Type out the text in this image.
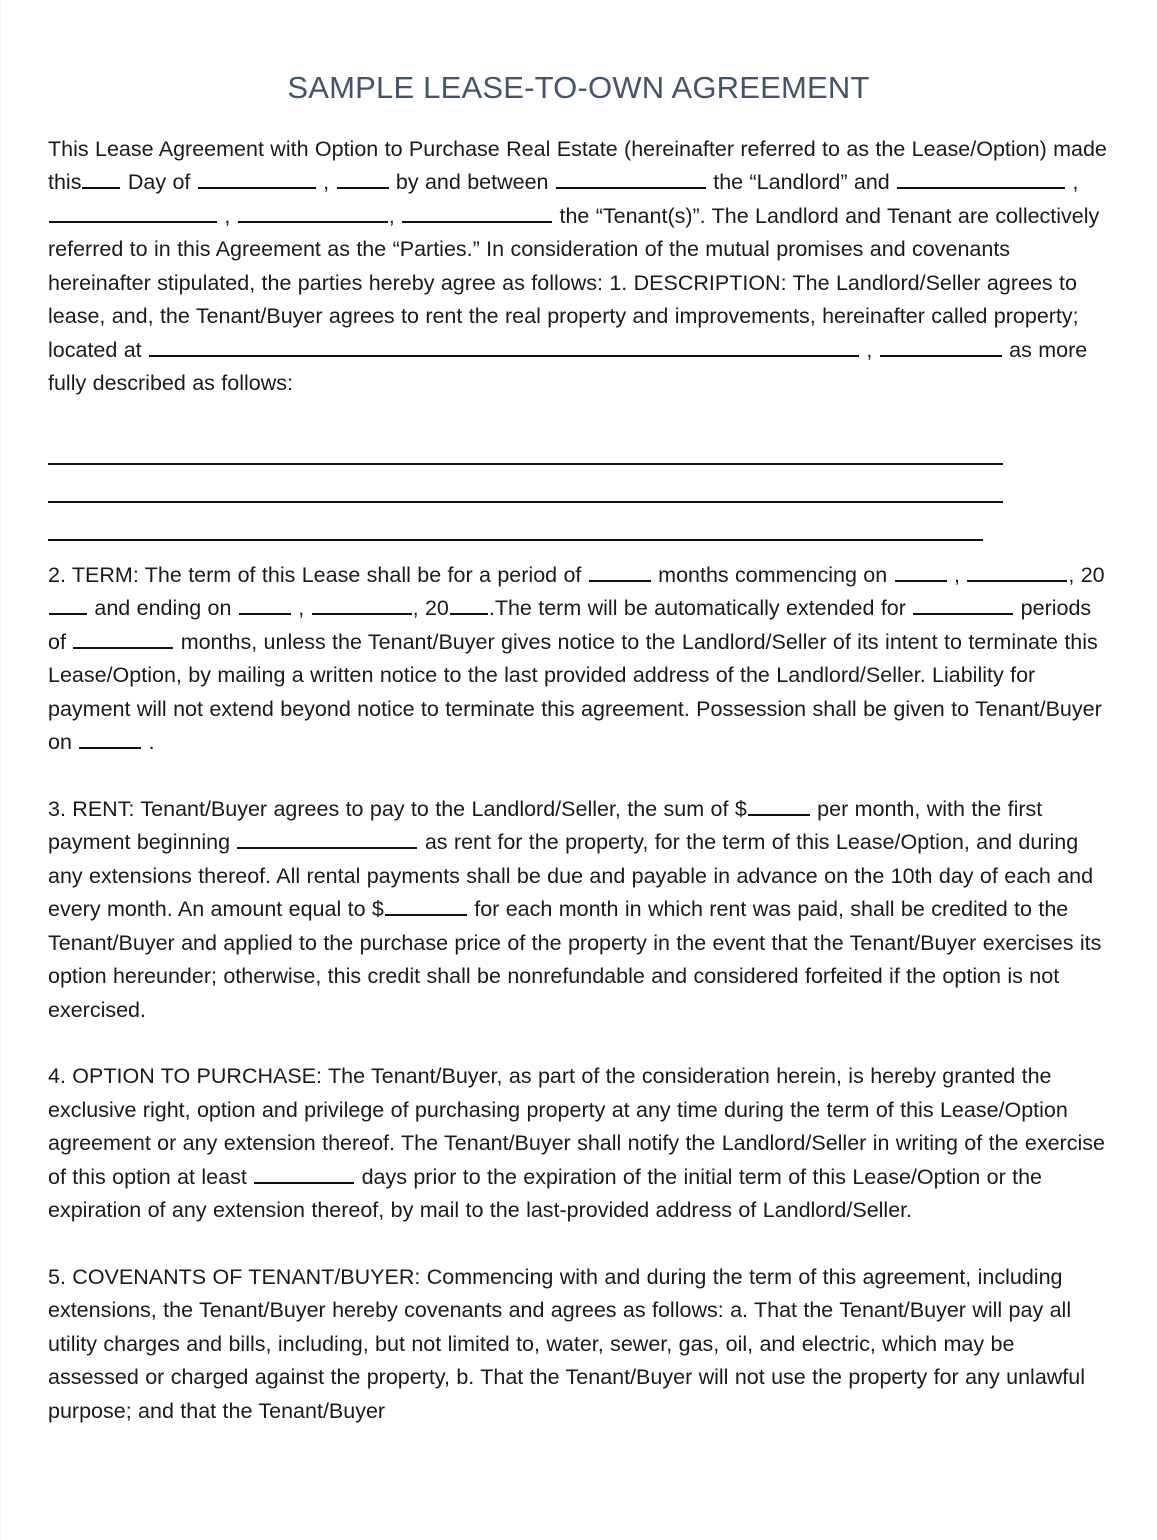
SAMPLE LEASE-TO-OWN AGREEMENT

This Lease Agreement with Option to Purchase Real Estate (hereinafter referred to as the Lease/Option) made this Day of	,	by and between	the “Landlord” and	,  ,	,	the “Tenant(s)”. The Landlord and Tenant are collectively referred to in this Agreement as the “Parties.” In consideration of the mutual promises and covenants hereinafter stipulated, the parties hereby agree as follows: 1. DESCRIPTION: The Landlord/Seller agrees to lease, and, the Tenant/Buyer agrees to rent the real property and improvements, hereinafter called property; located at	,	as more fully described as follows:

2. TERM: The term of this Lease shall be for a period of	months commencing on	,	, 20 and ending on	,	, 20 .The term will be automatically extended for	periods of	months, unless the Tenant/Buyer gives notice to the Landlord/Seller of its intent to terminate this Lease/Option, by mailing a written notice to the last provided address of the Landlord/Seller. Liability for payment will not extend beyond notice to terminate this agreement. Possession shall be given to Tenant/Buyer on	.

3. RENT: Tenant/Buyer agrees to pay to the Landlord/Seller, the sum of $	per month, with the first payment beginning	as rent for the property, for the term of this Lease/Option, and during any extensions thereof. All rental payments shall be due and payable in advance on the 10th day of each and every month. An amount equal to $	for each month in which rent was paid, shall be credited to the Tenant/Buyer and applied to the purchase price of the property in the event that the Tenant/Buyer exercises its option hereunder; otherwise, this credit shall be nonrefundable and considered forfeited if the option is not exercised.

4. OPTION TO PURCHASE: The Tenant/Buyer, as part of the consideration herein, is hereby granted the exclusive right, option and privilege of purchasing property at any time during the term of this Lease/Option agreement or any extension thereof. The Tenant/Buyer shall notify the Landlord/Seller in writing of the exercise of this option at least	days prior to the expiration of the initial term of this Lease/Option or the expiration of any extension thereof, by mail to the last-provided address of Landlord/Seller.

5. COVENANTS OF TENANT/BUYER: Commencing with and during the term of this agreement, including extensions, the Tenant/Buyer hereby covenants and agrees as follows: a. That the Tenant/Buyer will pay all utility charges and bills, including, but not limited to, water, sewer, gas, oil, and electric, which may be assessed or charged against the property, b. That the Tenant/Buyer will not use the property for any unlawful purpose; and that the Tenant/Buyer
